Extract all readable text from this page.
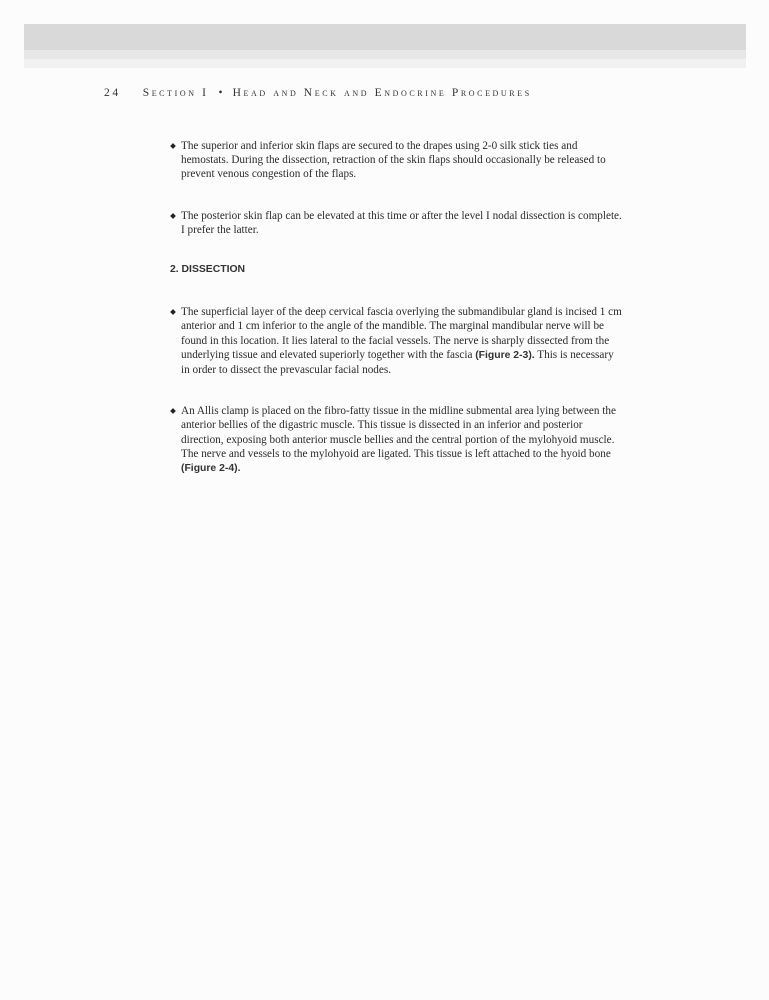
24 Section I • Head and Neck and Endocrine Procedures
The superior and inferior skin flaps are secured to the drapes using 2-0 silk stick ties and hemostats. During the dissection, retraction of the skin flaps should occasionally be released to prevent venous congestion of the flaps.
The posterior skin flap can be elevated at this time or after the level I nodal dissection is complete. I prefer the latter.
2. DISSECTION
The superficial layer of the deep cervical fascia overlying the submandibular gland is incised 1 cm anterior and 1 cm inferior to the angle of the mandible. The marginal mandibular nerve will be found in this location. It lies lateral to the facial vessels. The nerve is sharply dissected from the underlying tissue and elevated superiorly together with the fascia (Figure 2-3). This is necessary in order to dissect the prevascular facial nodes.
An Allis clamp is placed on the fibro-fatty tissue in the midline submental area lying between the anterior bellies of the digastric muscle. This tissue is dissected in an inferior and posterior direction, exposing both anterior muscle bellies and the central portion of the mylohyoid muscle. The nerve and vessels to the mylohyoid are ligated. This tissue is left attached to the hyoid bone (Figure 2-4).
